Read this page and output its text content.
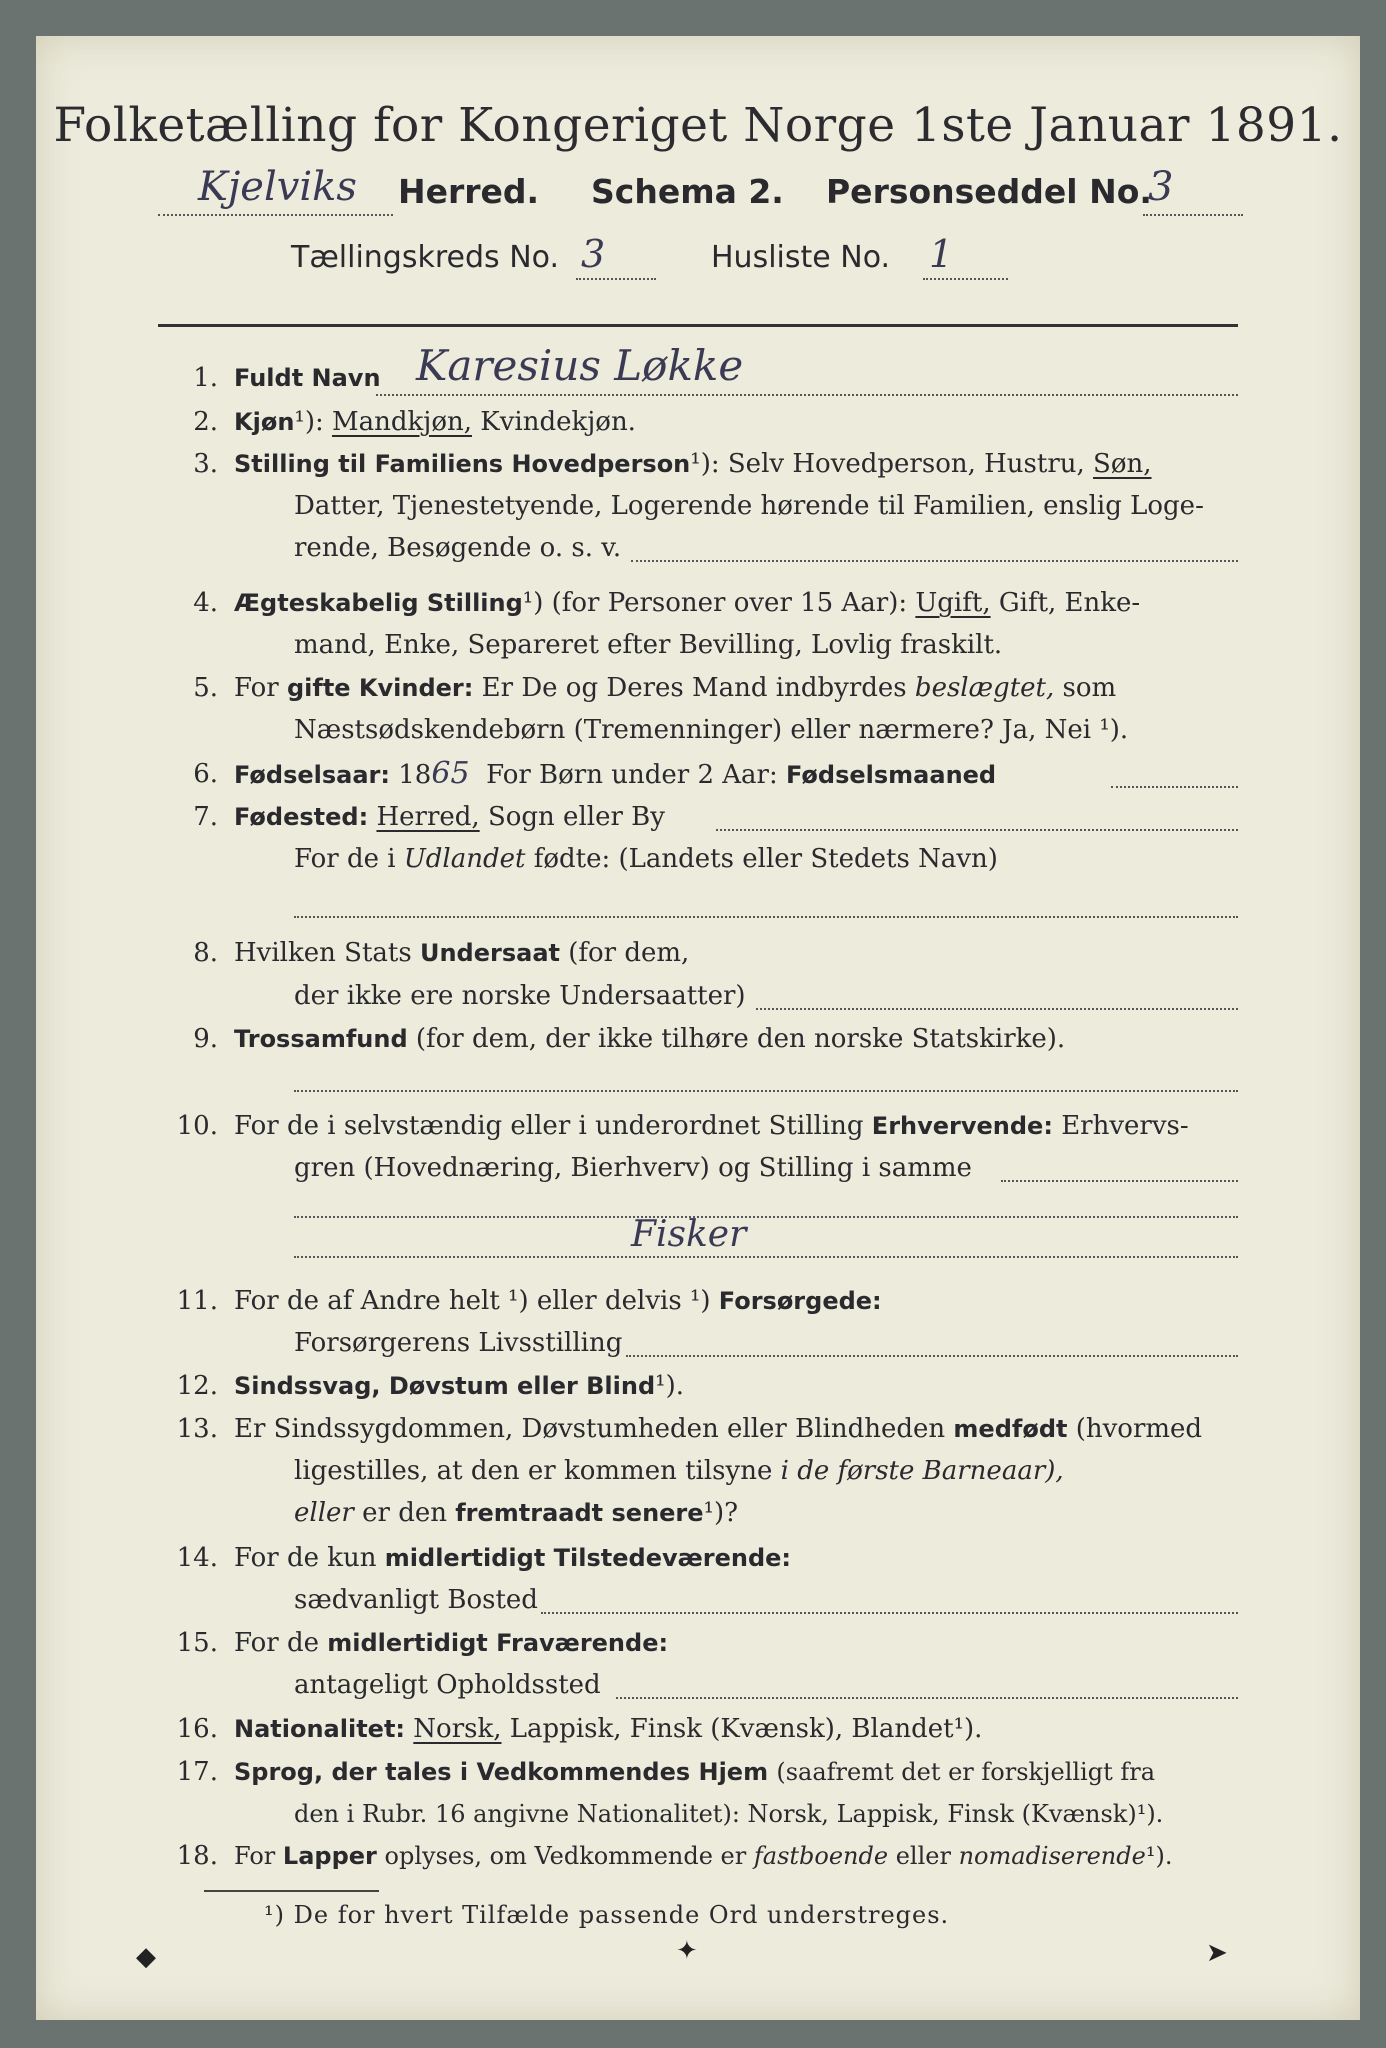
Folketælling for Kongeriget Norge 1ste Januar 1891.
Kjelviks Herred. Schema 2. Personseddel No.
3
Tællingskreds No. 3	Husliste No. 1
1. Fuldt Navn Karesius Løkke
2. Kjøn¹): Mandkjøn, Kvindekjøn.
3. Stilling til Familiens Hovedperson¹): Selv Hovedperson, Hustru, Søn,
Datter, Tjenestetyende, Logerende hørende til Familien, enslig Loge-
rende, Besøgende o. s. v.
4. Ægteskabelig Stilling¹) (for Personer over 15 Aar): Ugift, Gift, Enke-
mand, Enke, Separeret efter Bevilling, Lovlig fraskilt.
5. For gifte Kvinder: Er De og Deres Mand indbyrdes beslægtet, som
Næstsødskendebørn (Tremenninger) eller nærmere? Ja, Nei ¹).
6. Fødselsaar: 1865 For Børn under 2 Aar: Fødselsmaaned
7. Fødested: Herred, Sogn eller By
For de i Udlandet fødte: (Landets eller Stedets Navn)
8. Hvilken Stats Undersaat (for dem,
der ikke ere norske Undersaatter)
9. Trossamfund (for dem, der ikke tilhøre den norske Statskirke).
10. For de i selvstændig eller i underordnet Stilling Erhvervende: Erhvervs-
gren (Hovednæring, Bierhverv) og Stilling i samme
Fisker
11. For de af Andre helt ¹) eller delvis ¹) Forsørgede:
Forsørgerens Livsstilling
12. Sindssvag, Døvstum eller Blind¹).
13. Er Sindssygdommen, Døvstumheden eller Blindheden medfødt (hvormed
ligestilles, at den er kommen tilsyne i de første Barneaar),
eller er den fremtraadt senere¹)?
14. For de kun midlertidigt Tilstedeværende:
sædvanligt Bosted
15. For de midlertidigt Fraværende:
antageligt Opholdssted
16. Nationalitet: Norsk, Lappisk, Finsk (Kvænsk), Blandet¹).
17. Sprog, der tales i Vedkommendes Hjem (saafremt det er forskjelligt fra
den i Rubr. 16 angivne Nationalitet): Norsk, Lappisk, Finsk (Kvænsk)¹).
18. For Lapper oplyses, om Vedkommende er fastboende eller nomadiserende¹).
¹) De for hvert Tilfælde passende Ord understreges.
◆	✦	➤
